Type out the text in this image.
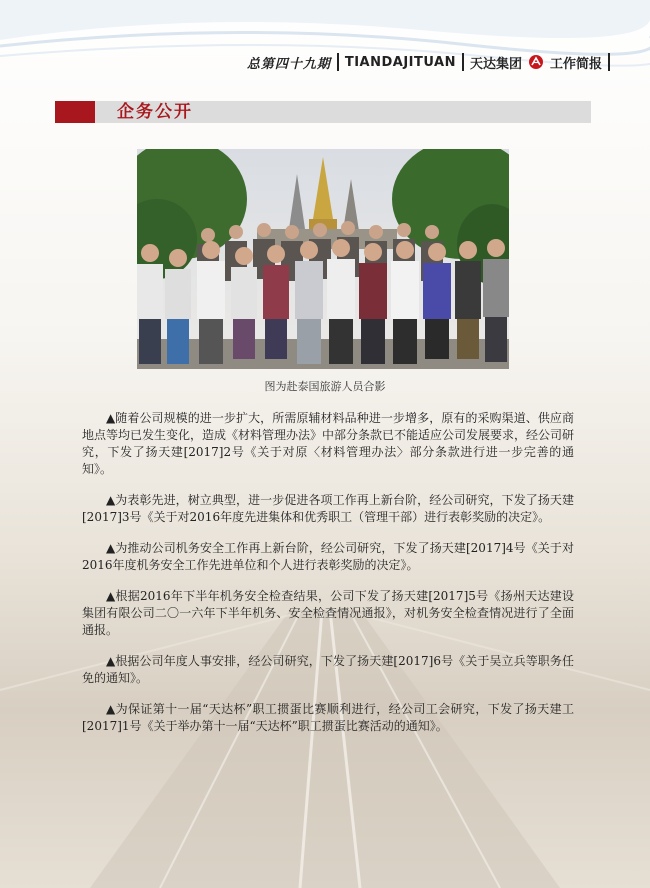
总第四十九期 TIANDAJITUAN 天达集团 工作简报
企务公开
图为赴泰国旅游人员合影

▲随着公司规模的进一步扩大，所需原辅材料品种进一步增多，原有的采购渠道、供应商地点等均已发生变化，造成《材料管理办法》中部分条款已不能适应公司发展要求，经公司研究，下发了扬天建[2017]2号《关于对原〈材料管理办法〉部分条款进行进一步完善的通知》。

▲为表彰先进，树立典型，进一步促进各项工作再上新台阶，经公司研究，下发了扬天建[2017]3号《关于对2016年度先进集体和优秀职工（管理干部）进行表彰奖励的决定》。

▲为推动公司机务安全工作再上新台阶，经公司研究，下发了扬天建[2017]4号《关于对2016年度机务安全工作先进单位和个人进行表彰奖励的决定》。

▲根据2016年下半年机务安全检查结果，公司下发了扬天建[2017]5号《扬州天达建设集团有限公司二〇一六年下半年机务、安全检查情况通报》，对机务安全检查情况进行了全面通报。

▲根据公司年度人事安排，经公司研究，下发了扬天建[2017]6号《关于吴立兵等职务任免的通知》。

▲为保证第十一届“天达杯”职工掼蛋比赛顺利进行，经公司工会研究，下发了扬天建工[2017]1号《关于举办第十一届“天达杯”职工掼蛋比赛活动的通知》。
